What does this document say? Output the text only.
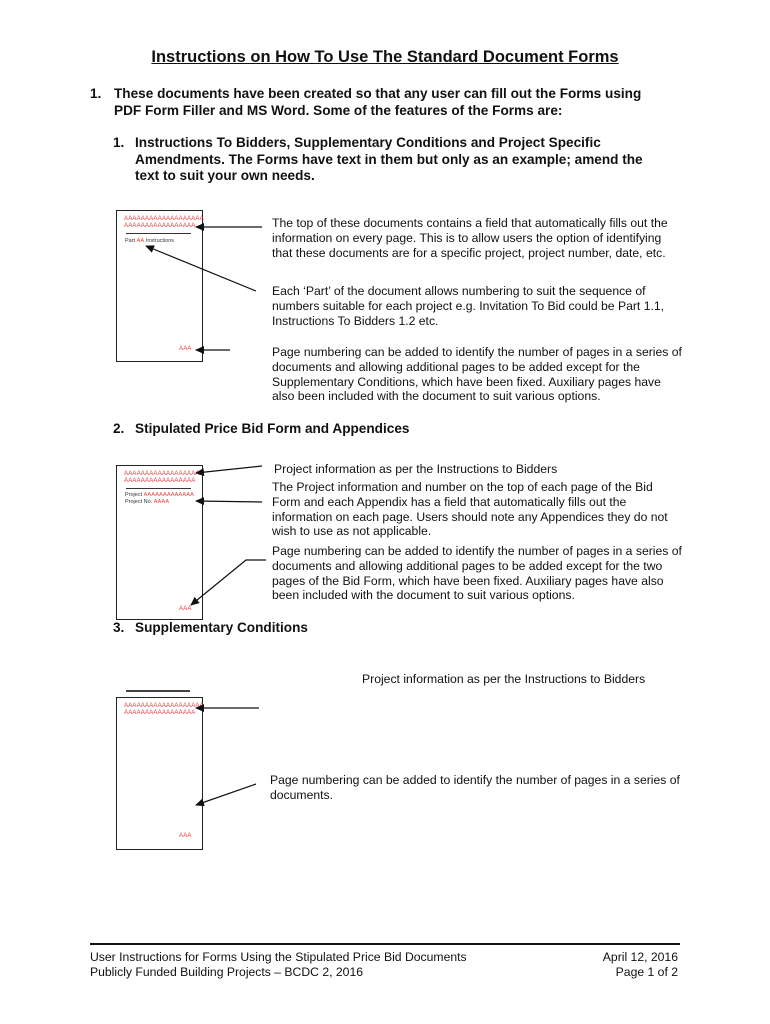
Instructions on How To Use The Standard Document Forms
1. These documents have been created so that any user can fill out the Forms using PDF Form Filler and MS Word. Some of the features of the Forms are:
1. Instructions To Bidders, Supplementary Conditions and Project Specific Amendments. The Forms have text in them but only as an example; amend the text to suit your own needs.
AAAAAAAAAAAAAAAAAAA
AAAAAAAAAAAAAAAAA
Part AA Instructions
AAA
The top of these documents contains a field that automatically fills out the information on every page. This is to allow users the option of identifying that these documents are for a specific project, project number, date, etc.
Each ‘Part’ of the document allows numbering to suit the sequence of numbers suitable for each project e.g. Invitation To Bid could be Part 1.1, Instructions To Bidders 1.2 etc.
Page numbering can be added to identify the number of pages in a series of documents and allowing additional pages to be added except for the Supplementary Conditions, which have been fixed. Auxiliary pages have also been included with the document to suit various options.
2. Stipulated Price Bid Form and Appendices
AAAAAAAAAAAAAAAAAAA
AAAAAAAAAAAAAAAAA
Project AAAAAAAAAAAAA
Project No. AAAA
AAA
Project information as per the Instructions to Bidders
The Project information and number on the top of each page of the Bid Form and each Appendix has a field that automatically fills out the information on each page. Users should note any Appendices they do not wish to use as not applicable.
Page numbering can be added to identify the number of pages in a series of documents and allowing additional pages to be added except for the two pages of the Bid Form, which have been fixed. Auxiliary pages have also been included with the document to suit various options.
3. Supplementary Conditions
AAAAAAAAAAAAAAAAAAA
AAAAAAAAAAAAAAAAA
AAA
Project information as per the Instructions to Bidders
Page numbering can be added to identify the number of pages in a series of documents.
User Instructions for Forms Using the Stipulated Price Bid Documents
Publicly Funded Building Projects – BCDC 2, 2016
April 12, 2016
Page 1 of 2
